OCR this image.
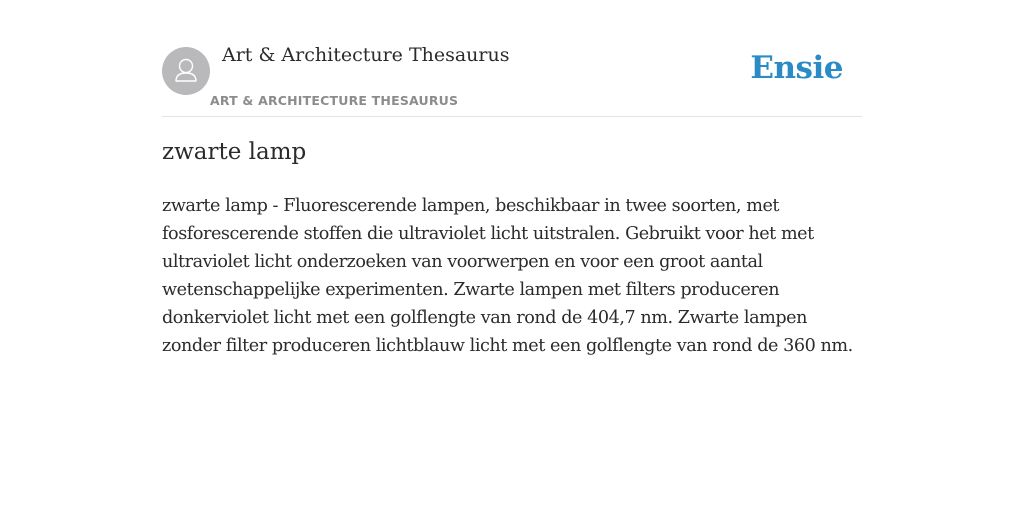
Art & Architecture Thesaurus
ART & ARCHITECTURE THESAURUS
Ensie
zwarte lamp

zwarte lamp - Fluorescerende lampen, beschikbaar in twee soorten, met fosforescerende stoffen die ultraviolet licht uitstralen. Gebruikt voor het met ultraviolet licht onderzoeken van voorwerpen en voor een groot aantal wetenschappelijke experimenten. Zwarte lampen met filters produceren donkerviolet licht met een golflengte van rond de 404,7 nm. Zwarte lampen zonder filter produceren lichtblauw licht met een golflengte van rond de 360 nm.
